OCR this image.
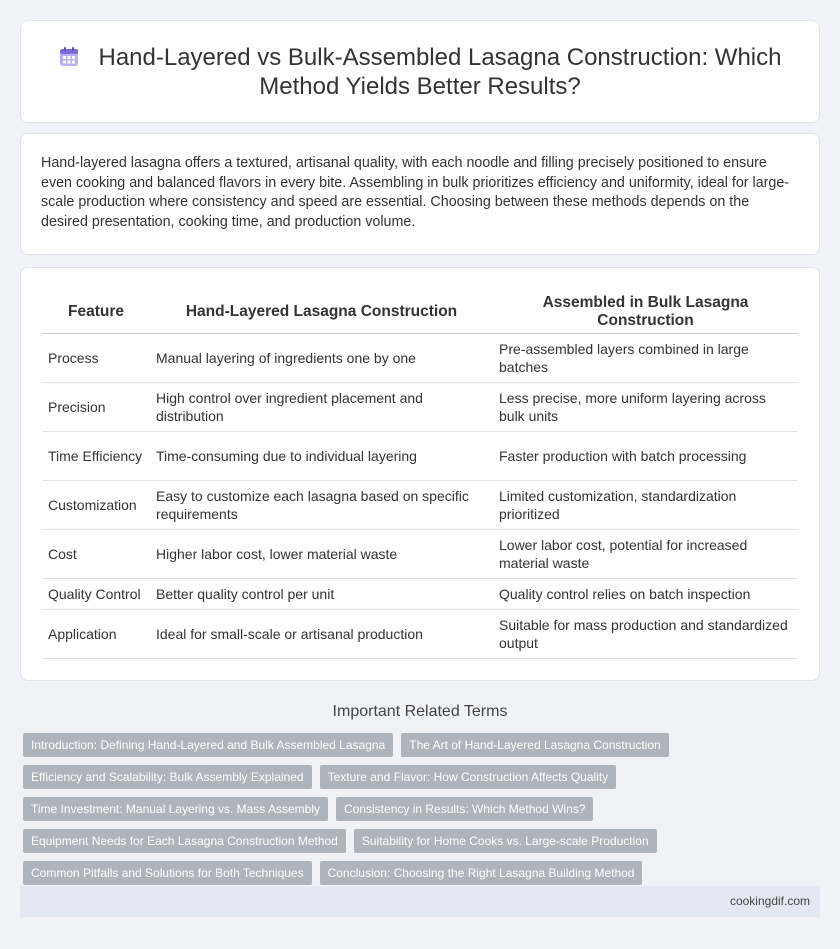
Hand-Layered vs Bulk-Assembled Lasagna Construction: Which Method Yields Better Results?

Hand-layered lasagna offers a textured, artisanal quality, with each noodle and filling precisely positioned to ensure even cooking and balanced flavors in every bite. Assembling in bulk prioritizes efficiency and uniformity, ideal for large-scale production where consistency and speed are essential. Choosing between these methods depends on the desired presentation, cooking time, and production volume.

Feature	Hand-Layered Lasagna Construction	Assembled in Bulk Lasagna Construction
Process	Manual layering of ingredients one by one	Pre-assembled layers combined in large batches
Precision	High control over ingredient placement and distribution	Less precise, more uniform layering across bulk units
Time Efficiency	Time-consuming due to individual layering	Faster production with batch processing
Customization	Easy to customize each lasagna based on specific requirements	Limited customization, standardization prioritized
Cost	Higher labor cost, lower material waste	Lower labor cost, potential for increased material waste
Quality Control	Better quality control per unit	Quality control relies on batch inspection
Application	Ideal for small-scale or artisanal production	Suitable for mass production and standardized output
Important Related Terms
Introduction: Defining Hand-Layered and Bulk Assembled Lasagna	The Art of Hand-Layered Lasagna Construction
Efficiency and Scalability: Bulk Assembly Explained	Texture and Flavor: How Construction Affects Quality
Time Investment: Manual Layering vs. Mass Assembly	Consistency in Results: Which Method Wins?
Equipment Needs for Each Lasagna Construction Method	Suitability for Home Cooks vs. Large-scale Production
Common Pitfalls and Solutions for Both Techniques	Conclusion: Choosing the Right Lasagna Building Method
cookingdif.com
